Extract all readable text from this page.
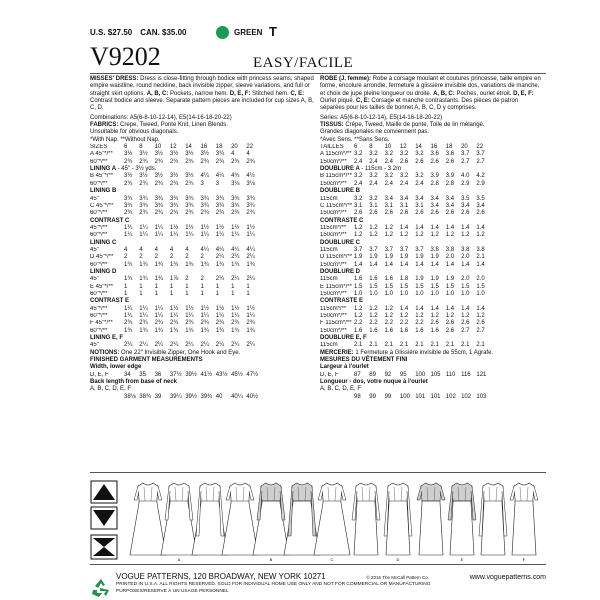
U.S. $27.50 CAN. $35.00	GREEN T
V9202	EASY/FACILE
MISSES' DRESS: Dress is close-fitting through bodice with princess seams, shaped empire waistline, round neckline, back invisible zipper, sleeve variations, and full or straight skirt options. A, B, C: Pockets, narrow hem. D, E, F: Stitched hem. C, E: Contrast bodice and sleeve. Separate pattern pieces are included for cup sizes A, B, C, D.
Combinations: A5(6-8-10-12-14), E5(14-16-18-20-22)
FABRICS: Crepe, Tweed, Ponte Knit, Linen Blends.
Unsuitable for obvious diagonals.
*With Nap. **Without Nap.
SIZES	6	8	10	12	14	16	18	20	22
A 45"*/**	3½	3½	3½	3½	3½	3½	3¾	4	4
60"*/**	2¾	2¾	2¾	2¾	2¾	2¾	2¾	2¾	2¾
LINING A - 45" - 3½ yds.
B 45"*/**	3½	3½	3½	3½	3½	4¼	4¼	4¾	4½
60"*/**	2¾	2¾	2¾	2¾	2¾	3	3	3⅛	3⅛
LINING B
45"	3¾	3¾	3¾	3¾	3¾	3¾	3¾	3¾	3¾
C 45"*/**	3¾	3¾	3¾	3¾	3¾	3¾	3¾	3¾	3¾
60"*/**	2¾	2¾	2¾	2¾	2¾	2¾	2¾	2¾	2¾
CONTRAST C
45"*/**	1¼	1¼	1¼	1½	1½	1½	1½	1½	1½
60"*/**	1¼	1¼	1¼	1¼	1¼	1¼	1¼	1¼	1¼
LINING C
45"	4	4	4	4	4	4¼	4¼	4¼	4¼
D 45"*/**	2	2	2	2	2	2	2¼	2¼	2¼
60"*/**	1¾	1¾	1¾	1¾	1¾	1¾	1¾	1¾	1¾
LINING D
45"	1¾	1¾	1¾	1⅞	2	2	2¼	2¼	2¼
E 45"*/**	1	1	1	1	1	1	1	1	1
60"*/**	1	1	1	1	1	1	1	1	1
CONTRAST E
45"*/**	1¼	1¼	1¼	1½	1½	1½	1½	1½	1½
60"*/**	1¼	1¼	1¼	1¼	1¼	1¼	1¼	1¼	1¼
F 45"*/**	2¾	2¾	2¾	2¾	2¾	2¾	2¾	2¾	2¾
60"*/**	1¾	1¾	1¾	1¾	1¾	1¾	1¾	1¾	1¾
LINING E, F
45"	2¼	2¼	2¼	2¼	2¼	2¼	2¼	2¼	2¼
NOTIONS: One 22" Invisible Zipper, One Hook and Eye.
FINISHED GARMENT MEASUREMENTS
Width, lower edge
D, E, F	34	35	36	37½ 39½ 41½ 43½ 45½ 47½
Back length from base of neck
A, B, C, D, E, F
38⅛ 38¾ 39	39¼ 39½ 39¾ 40	40¼ 40½
ROBE (J. femme): Robe à corsage moulant et coutures princesse, taille empire en forme, encolure arrondie, fermeture à glissière invisible dos, variations de manche, et choix de jupe pleine longueur ou droite. A, B, C: Poches, ourlet étroit. D, E, F: Ourlet piqué. C, E: Corsage et manche contrastants. Des pièces de patron séparées pour les tailles de bonnet A, B, C, D y comprises.
Séries: A5(6-8-10-12-14), E5(14-16-18-20-22)
TISSUS: Crêpe, Tweed, Maille de ponte, Toile de lin mélangé.
Grandes diagonales ne conviennent pas.
*Avec Sens. **Sans Sens.
TAILLES	6	8	10	12	14	16	18	20	22
A 115cm*/** 3.2	3.2	3.2	3.2	3.2	3.6	3.6	3.7	3.7
150cm*/**	2.4	2.4	2.4	2.6	2.6	2.6	2.6	2.7	2.7
DOUBLURE A - 115cm - 3.2m
B 115cm*/** 3.2	3.2	3.2	3.2	3.2	3.9	3.9	4.0	4.2
150cm*/**	2.4	2.4	2.4	2.4	2.4	2.8	2.8	2.9	2.9
DOUBLURE B
115cm	3.2	3.2	3.4	3.4	3.4	3.4	3.4	3.5	3.5
C 115cm*/** 3.1	3.1	3.1	3.1	3.1	3.4	3.4	3.4	3.4
150cm*/**	2.6	2.6	2.6	2.6	2.6	2.6	2.6	2.6	2.6
CONTRASTE C
115cm*/**	1.2	1.2	1.2	1.4	1.4	1.4	1.4	1.4	1.4
150cm*/**	1.2	1.2	1.2	1.2	1.2	1.2	1.2	1.2	1.2
DOUBLURE C
115cm	3.7	3.7	3.7	3.7	3.7	3.8	3.8	3.8	3.8
D 115cm*/** 1.9	1.9	1.9	1.9	1.9	1.9	2.0	2.0	2.1
150cm*/**	1.4	1.4	1.4	1.4	1.4	1.4	1.4	1.4	1.4
DOUBLURE D
115cm	1.6	1.6	1.6	1.8	1.9	1.9	1.9	2.0	2.0
E 115cm*/** 1.5	1.5	1.5	1.5	1.5	1.5	1.5	1.5	1.5
150cm*/**	1.0	1.0	1.0	1.0	1.0	1.0	1.0	1.0	1.0
CONTRASTE E
115cm*/**	1.2	1.2	1.2	1.4	1.4	1.4	1.4	1.4	1.4
150cm*/**	1.2	1.2	1.2	1.2	1.2	1.2	1.2	1.2	1.2
F 115cm*/** 2.2	2.2	2.2	2.2	2.2	2.6	2.6	2.6	2.6
150cm*/**	1.6	1.6	1.6	1.6	1.6	1.6	2.6	2.7	2.7
DOUBLURE E, F
115cm	2.1	2.1	2.1	2.1	2.1	2.1	2.1	2.1	2.1
MERCERIE: 1 Fermeture à Glissière invisible de 55cm, 1 Agrafe.
MESURES DU VÊTEMENT FINI
Largeur à l'ourlet
D, E, F	87	89	92	95	100 105 110 116 121
Longueur - dos, votre nuque à l'ourlet
A, B, C, D, E, F
98	99	99	100 101 101 102 102 103
A	B	C	D	E	F
VOGUE PATTERNS, 120 BROADWAY, NEW YORK 10271	© 2016 The McCall Pattern Co.	www.voguepatterns.com
PRINTED IN U.S.A. ALL RIGHTS RESERVED. SOLD FOR INDIVIDUAL HOME USE ONLY AND NOT FOR COMMERCIAL OR MANUFACTURING
PURPOSES/RESERVE À UN USAGE PERSONNEL
